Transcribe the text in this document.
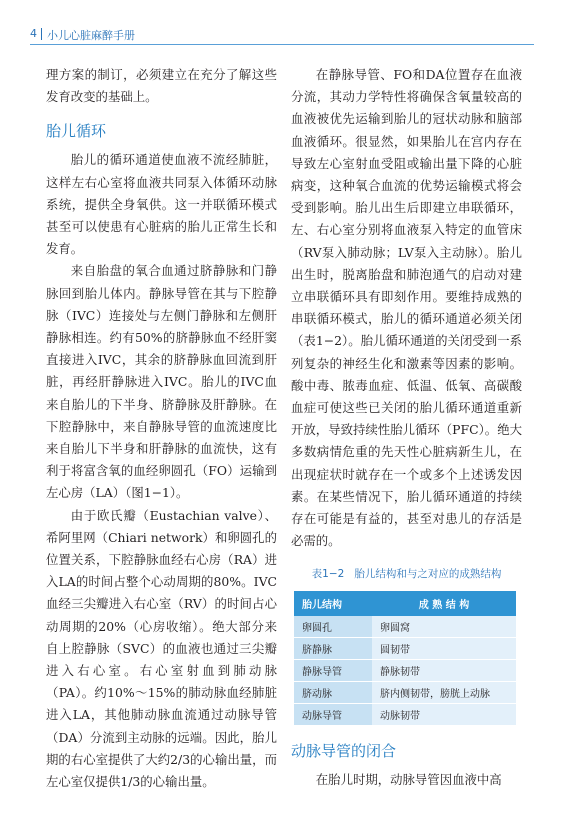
4 小儿心脏麻醉手册

理方案的制订，必须建立在充分了解这些发育改变的基础上。

胎儿循环

胎儿的循环通道使血液不流经肺脏，这样左右心室将血液共同泵入体循环动脉系统，提供全身氧供。这一并联循环模式甚至可以使患有心脏病的胎儿正常生长和发育。

来自胎盘的氧合血通过脐静脉和门静脉回到胎儿体内。静脉导管在其与下腔静脉（IVC）连接处与左侧门静脉和左侧肝静脉相连。约有50%的脐静脉血不经肝窦直接进入IVC，其余的脐静脉血回流到肝脏，再经肝静脉进入IVC。胎儿的IVC血来自胎儿的下半身、脐静脉及肝静脉。在下腔静脉中，来自静脉导管的血流速度比来自胎儿下半身和肝静脉的血流快，这有利于将富含氧的血经卵圆孔（FO）运输到左心房（LA）（图1−1）。

由于欧氏瓣（Eustachian valve）、希阿里网（Chiari network）和卵圆孔的位置关系，下腔静脉血经右心房（RA）进入LA的时间占整个心动周期的80%。IVC血经三尖瓣进入右心室（RV）的时间占心动周期的20%（心房收缩）。绝大部分来自上腔静脉（SVC）的血液也通过三尖瓣进入右心室。右心室射血到肺动脉（PA）。约10%～15%的肺动脉血经肺脏进入LA，其他肺动脉血流通过动脉导管（DA）分流到主动脉的远端。因此，胎儿期的右心室提供了大约2/3的心输出量，而左心室仅提供1/3的心输出量。

在静脉导管、FO和DA位置存在血液分流，其动力学特性将确保含氧量较高的血液被优先运输到胎儿的冠状动脉和脑部血液循环。很显然，如果胎儿在宫内存在导致左心室射血受阻或输出量下降的心脏病变，这种氧合血流的优势运输模式将会受到影响。胎儿出生后即建立串联循环，左、右心室分别将血液泵入特定的血管床（RV泵入肺动脉；LV泵入主动脉）。胎儿出生时，脱离胎盘和肺泡通气的启动对建立串联循环具有即刻作用。要维持成熟的串联循环模式，胎儿的循环通道必须关闭（表1−2）。胎儿循环通道的关闭受到一系列复杂的神经生化和激素等因素的影响。酸中毒、脓毒血症、低温、低氧、高碳酸血症可使这些已关闭的胎儿循环通道重新开放，导致持续性胎儿循环（PFC）。绝大多数病情危重的先天性心脏病新生儿，在出现症状时就存在一个或多个上述诱发因素。在某些情况下，胎儿循环通道的持续存在可能是有益的，甚至对患儿的存活是必需的。

表1−2 胎儿结构和与之对应的成熟结构
胎儿结构	成 熟 结 构
卵圆孔	卵圆窝
脐静脉	圆韧带
静脉导管	静脉韧带
脐动脉	脐内侧韧带，膀胱上动脉
动脉导管	动脉韧带
动脉导管的闭合

在胎儿时期，动脉导管因血液中高
